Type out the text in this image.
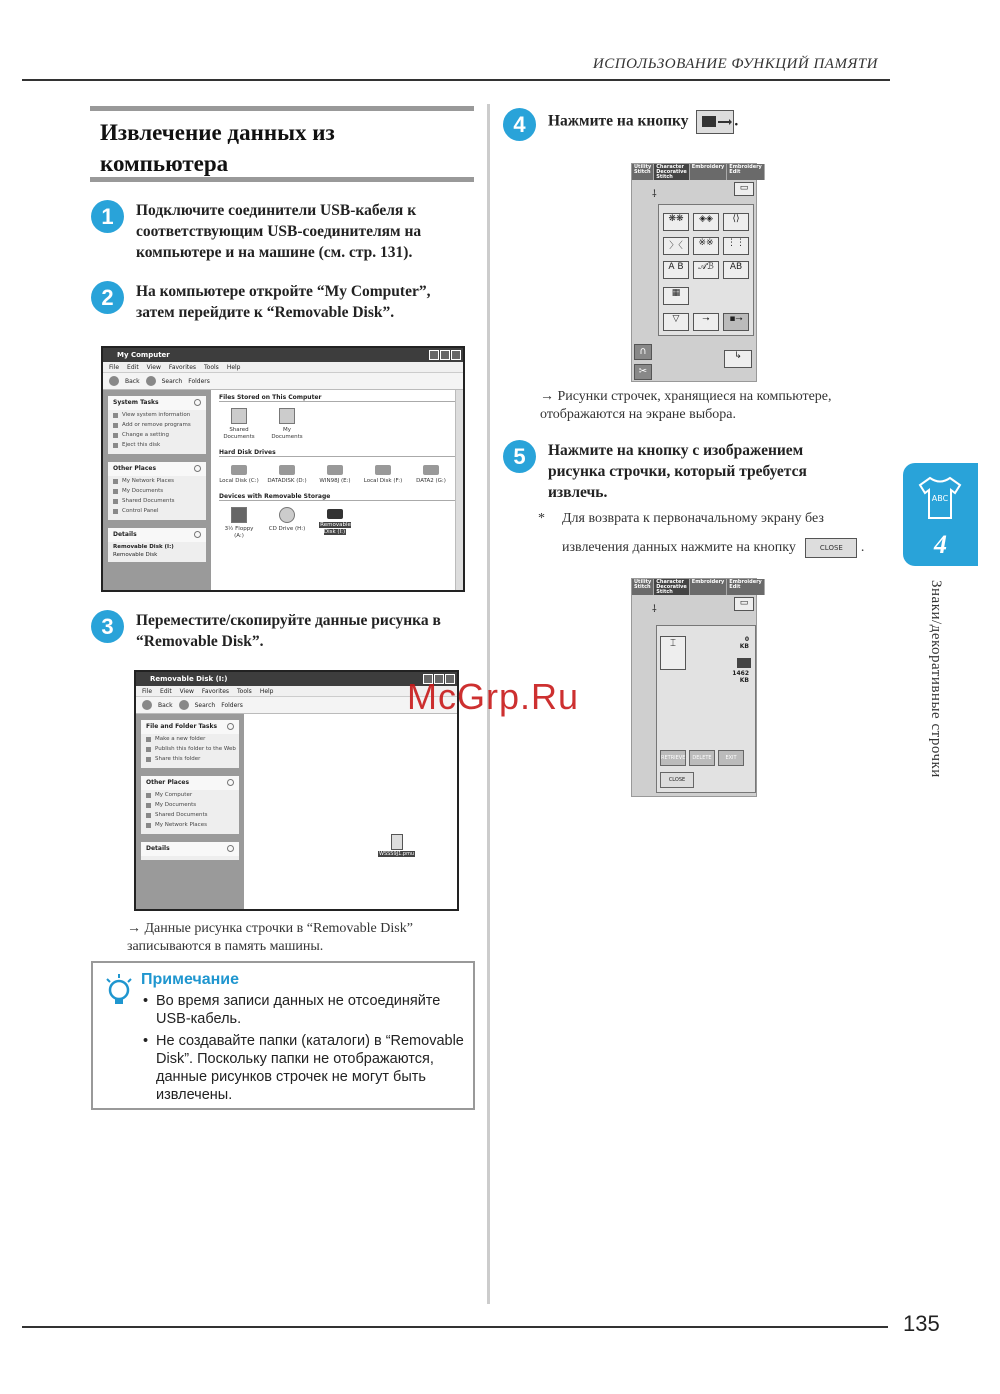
ИСПОЛЬЗОВАНИЕ ФУНКЦИЙ ПАМЯТИ
Извлечение данных из
компьютера
1	Подключите соединители USB-кабеля к соответствующим USB-соединителям на компьютере и на машине (см. стр. 131).
2	На компьютере откройте “My Computer”, затем перейдите к “Removable Disk”.
My Computer
File Edit View Favorites Tools Help
Back	Search Folders
System Tasks
View system information
Add or remove programs
Change a setting
Eject this disk
Other Places
My Network Places
My Documents
Shared Documents
Control Panel
Details
Removable Disk (I:)
Removable Disk
Files Stored on This Computer
Shared Documents
My Documents
Hard Disk Drives
Local Disk (C:) DATADISK (D:)	WIN98J (E:)	Local Disk (F:)	DATA2 (G:)
Devices with Removable Storage
3½ Floppy (A:)
CD Drive (H:)
Removable Disk (I:)
3	Переместите/скопируйте данные рисунка в “Removable Disk”.
Removable Disk (I:)
File Edit View Favorites Tools Help
Back	Search Folders
File and Folder Tasks
Make a new folder
Publish this folder to the Web
Share this folder
Other Places
My Computer
My Documents
Shared Documents
My Network Places
Details
WSSS9J1.pmu
→ Данные рисунка строчки в “Removable Disk” записываются в память машины.
Примечание
• Во время записи данных не отсоединяйте USB-кабель.
• Не создавайте папки (каталоги) в “Removable Disk”. Поскольку папки не отображаются, данные рисунков строчек не могут быть извлечены.
4	Нажмите на кнопку	.
Utility Stitch
Character Decorative Stitch
Embroidery	Embroidery Edit
⸸
▭
❋❋	◈◈	⟨⟩
〉〈	※※	⋮⋮
A B	𝒜ℬ	AB
▦
▽	⭢	▪⭢
∩
✂
↳
→ Рисунки строчек, хранящиеся на компьютере, отображаются на экране выбора.
5	Нажмите на кнопку с изображением рисунка строчки, который требуется извлечь.
* Для возврата к первоначальному экрану без
извлечения данных нажмите на кнопку	CLOSE .
Utility Stitch
Character Decorative Stitch
Embroidery	Embroidery Edit
⸸
▭
⌶	0
KB
1462
KB
RETRIEVE	DELETE	EXIT
CLOSE
ABC
4
Знаки/декоративные строчки
McGrp.Ru
135
